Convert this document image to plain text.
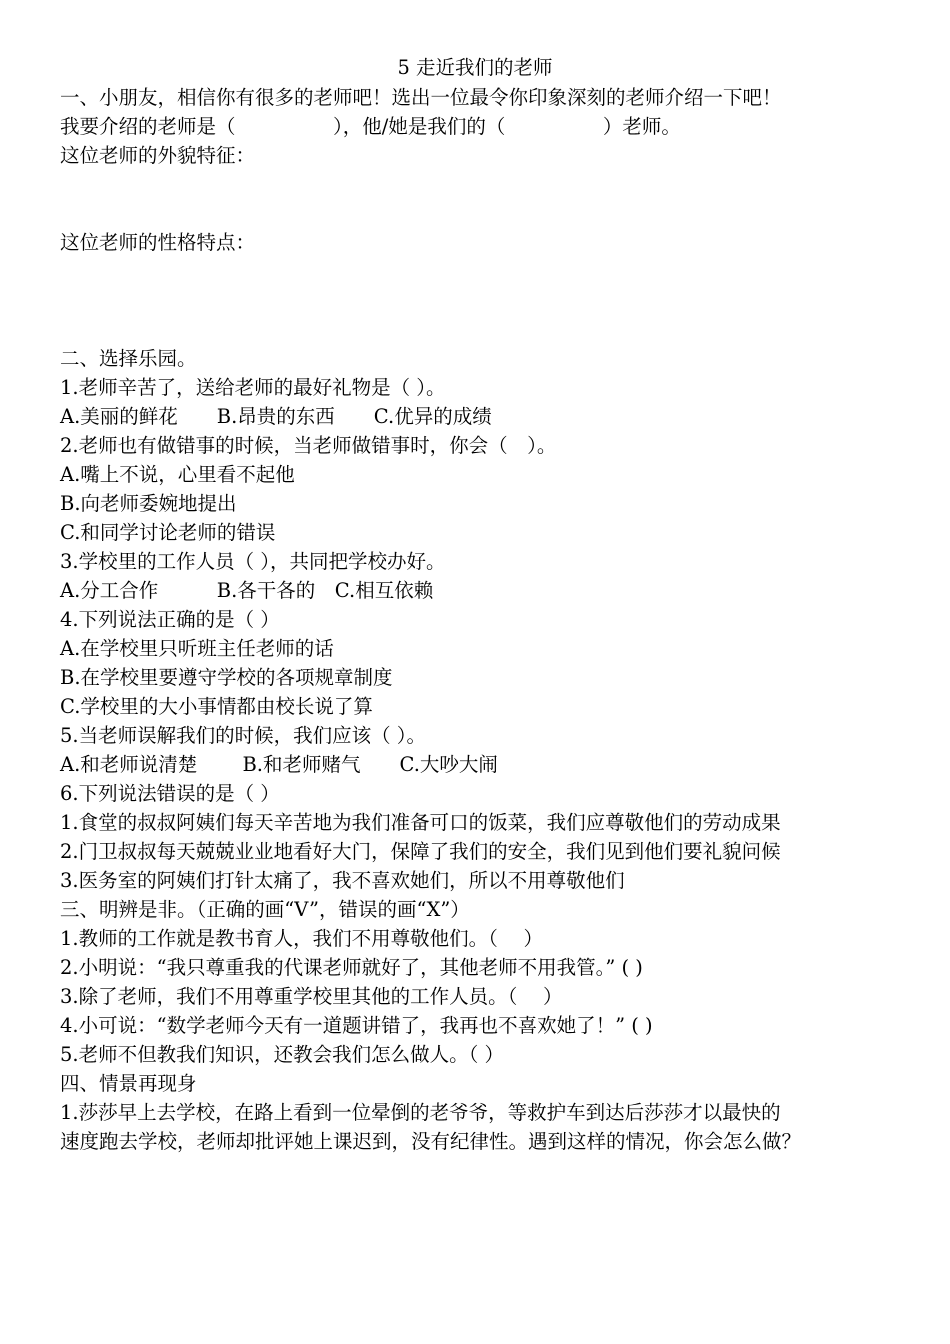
5 走近我们的老师
一、小朋友，相信你有很多的老师吧！选出一位最令你印象深刻的老师介绍一下吧！
我要介绍的老师是（　　　　　），他/她是我们的（　　　　　）老师。
这位老师的外貌特征：
这位老师的性格特点：
二、选择乐园。
1.老师辛苦了，送给老师的最好礼物是（ ）。
A.美丽的鲜花　　B.昂贵的东西　　C.优异的成绩
2.老师也有做错事的时候，当老师做错事时，你会（　）。
A.嘴上不说，心里看不起他
B.向老师委婉地提出
C.和同学讨论老师的错误
3.学校里的工作人员（ ），共同把学校办好。
A.分工合作　　　B.各干各的　C.相互依赖
4.下列说法正确的是（ ）
A.在学校里只听班主任老师的话
B.在学校里要遵守学校的各项规章制度
C.学校里的大小事情都由校长说了算
5.当老师误解我们的时候，我们应该（ ）。
A.和老师说清楚　　 B.和老师赌气　　C.大吵大闹
6.下列说法错误的是（ ）
1.食堂的叔叔阿姨们每天辛苦地为我们准备可口的饭菜，我们应尊敬他们的劳动成果
2.门卫叔叔每天兢兢业业地看好大门，保障了我们的安全，我们见到他们要礼貌问候
3.医务室的阿姨们打针太痛了，我不喜欢她们，所以不用尊敬他们
三、明辨是非。（正确的画“V”，错误的画“X”）
1.教师的工作就是教书育人，我们不用尊敬他们。（　 ）
2.小明说：“我只尊重我的代课老师就好了，其他老师不用我管。” ( )
3.除了老师，我们不用尊重学校里其他的工作人员。（　 ）
4.小可说：“数学老师今天有一道题讲错了，我再也不喜欢她了！” ( )
5.老师不但教我们知识，还教会我们怎么做人。（ ）
四、情景再现身
1.莎莎早上去学校，在路上看到一位晕倒的老爷爷，等救护车到达后莎莎才以最快的
速度跑去学校，老师却批评她上课迟到，没有纪律性。遇到这样的情况，你会怎么做？
